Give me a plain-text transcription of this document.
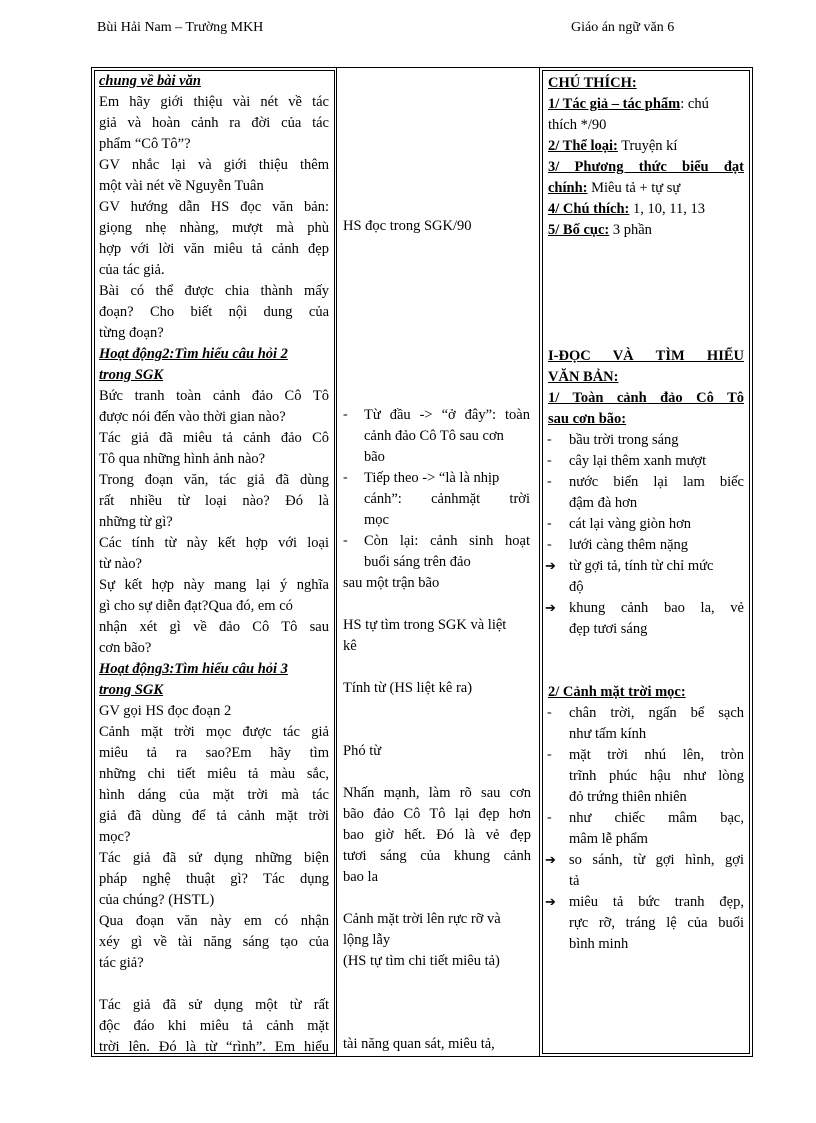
Bùi Hải Nam – Trường MKH	Giáo án ngữ văn 6
chung về bài văn
Em hãy giới thiệu vài nét về tác
giả và hoàn cảnh ra đời của tác
phẩm “Cô Tô”?
GV nhắc lại và giới thiệu thêm
một vài nét về Nguyễn Tuân
GV hướng dẫn HS đọc văn bản:
giọng nhẹ nhàng, mượt mà phù
hợp với lời văn miêu tả cảnh đẹp
của tác giả.
Bài có thể được chia thành mấy
đoạn? Cho biết nội dung của
từng đoạn?
Hoạt động2:Tìm hiểu câu hỏi 2
trong SGK
Bức tranh toàn cảnh đảo Cô Tô
được nói đến vào thời gian nào?
Tác giả đã miêu tả cảnh đảo Cô
Tô qua những hình ảnh nào?
Trong đoạn văn, tác giả đã dùng
rất nhiều từ loại nào? Đó là
những từ gì?
Các tính từ này kết hợp với loại
từ nào?
Sự kết hợp này mang lại ý nghĩa
gì cho sự diễn đạt?Qua đó, em có
nhận xét gì về đảo Cô Tô sau
cơn bão?
Hoạt động3:Tìm hiểu câu hỏi 3
trong SGK
GV gọi HS đọc đoạn 2
Cảnh mặt trời mọc được tác giả
miêu tả ra sao?Em hãy tìm
những chi tiết miêu tả màu sắc,
hình dáng của mặt trời mà tác
giả đã dùng để tả cảnh mặt trời
mọc?
Tác giả đã sử dụng những biện
pháp nghệ thuật gì? Tác dụng
của chúng? (HSTL)
Qua đoạn văn này em có nhận
xéy gì về tài năng sáng tạo của
tác giả?
Tác giả đã sử dụng một từ rất
độc đáo khi miêu tả cảnh mặt
trời lên. Đó là từ “rình”. Em hiểu
HS đọc trong SGK/90
- Từ đầu -> “ở đây”: toàn
cảnh đảo Cô Tô sau cơn
bão
- Tiếp theo -> “là là nhịp
cánh”: cảnhmặt trời
mọc
- Còn lại: cảnh sinh hoạt
buổi sáng trên đảo
sau một trận bão
HS tự tìm trong SGK và liệt
kê
Tính từ (HS liệt kê ra)
Phó từ
Nhấn mạnh, làm rõ sau cơn
bão đảo Cô Tô lại đẹp hơn
bao giờ hết. Đó là vẻ đẹp
tươi sáng của khung cảnh
bao la
Cảnh mặt trời lên rực rỡ và
lộng lẫy
(HS tự tìm chi tiết miêu tả)
tài năng quan sát, miêu tả,
CHÚ THÍCH:
1/ Tác giả – tác phẩm: chú
thích */90
2/ Thể loại: Truyện kí
3/ Phương thức biểu đạt
chính: Miêu tả + tự sự
4/ Chú thích: 1, 10, 11, 13
5/ Bố cục: 3 phần
I-ĐỌC VÀ TÌM HIỂU
VĂN BẢN:
1/ Toàn cảnh đảo Cô Tô
sau cơn bão:
- bầu trời trong sáng
- cây lại thêm xanh mượt
- nước biển lại lam biếc
đậm đà hơn
- cát lại vàng giòn hơn
- lưới càng thêm nặng
➔ từ gợi tả, tính từ chỉ mức
độ
➔ khung cảnh bao la, vẻ
đẹp tươi sáng
2/ Cảnh mặt trời mọc:
- chân trời, ngấn bể sạch
như tấm kính
- mặt trời nhú lên, tròn
trĩnh phúc hậu như lòng
đỏ trứng thiên nhiên
- như chiếc mâm bạc,
mâm lễ phẩm
➔ so sánh, từ gợi hình, gợi
tả
➔ miêu tả bức tranh đẹp,
rực rỡ, tráng lệ của buổi
bình minh
